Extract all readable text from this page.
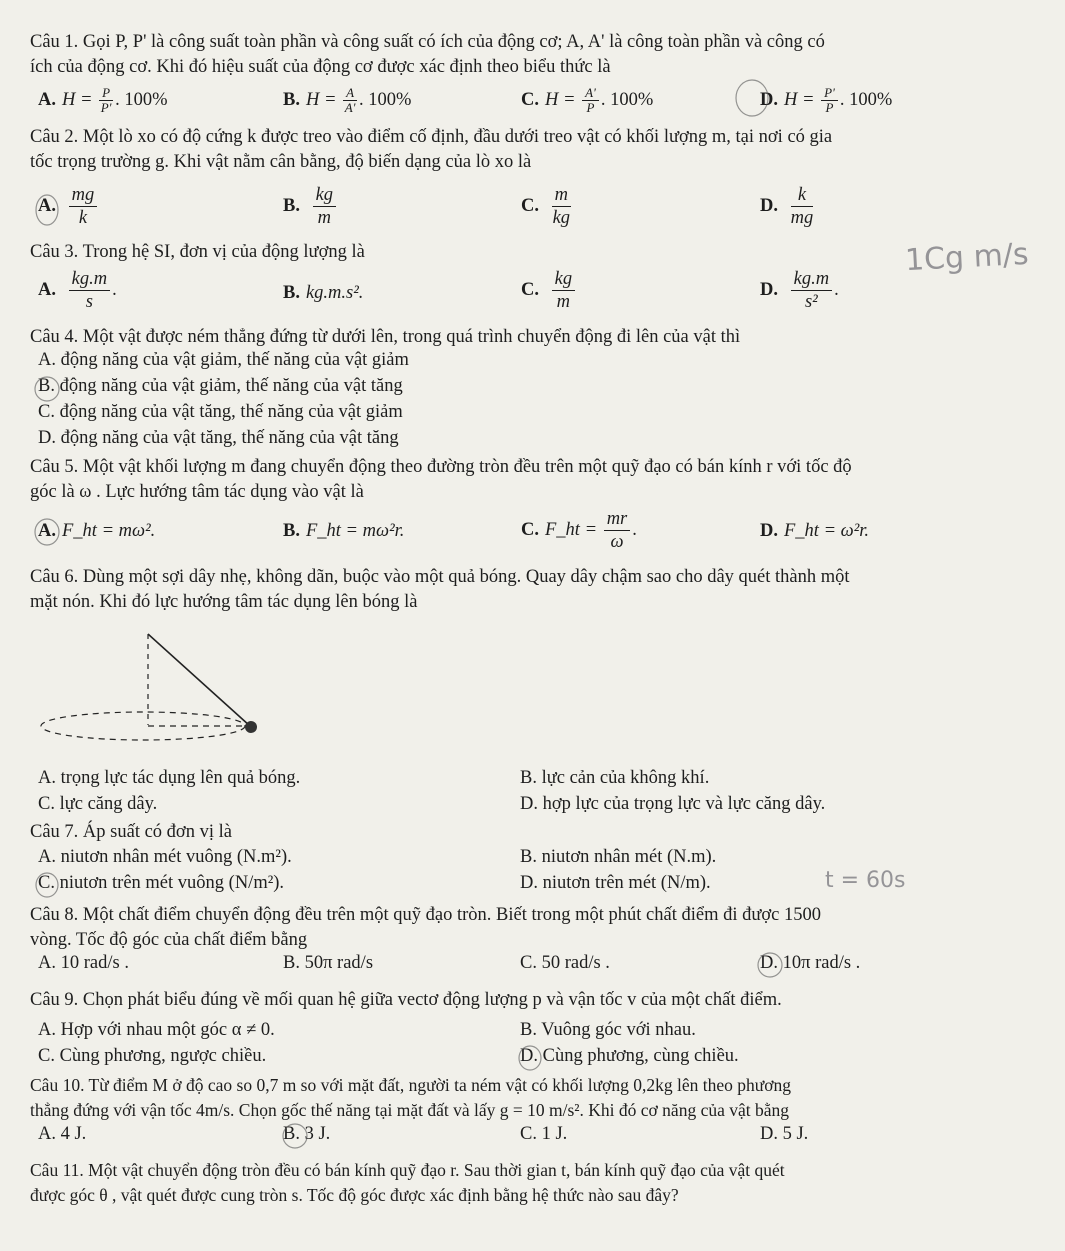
Câu 1. Gọi P, P' là công suất toàn phần và công suất có ích của động cơ; A, A' là công toàn phần và công có
ích của động cơ. Khi đó hiệu suất của động cơ được xác định theo biểu thức là
A. $H = \frac{P}{P'}$ . 100%	B. $H = \frac{A}{A'}$ . 100%	C. $H = \frac{A'}{P}$ . 100%	D. $H = \frac{P'}{P}$ . 100%
Câu 2. Một lò xo có độ cứng k được treo vào điểm cố định, đầu dưới treo vật có khối lượng m, tại nơi có gia
tốc trọng trường g. Khi vật nằm cân bằng, độ biến dạng của lò xo là
A. $\frac{mg}{k}$	B. $\frac{kg}{m}$	C. $\frac{m}{kg}$	D. $\frac{k}{mg}$
Câu 3. Trong hệ SI, đơn vị của động lượng là
A. $\frac{kg.m}{s}$ .	B. kg.m.s².	C. $\frac{kg}{m}$	D. $\frac{kg.m}{\text{s²}}$ .
Câu 4. Một vật được ném thẳng đứng từ dưới lên, trong quá trình chuyển động đi lên của vật thì
A. động năng của vật giảm, thế năng của vật giảm
B. động năng của vật giảm, thế năng của vật tăng
C. động năng của vật tăng, thế năng của vật giảm
D. động năng của vật tăng, thế năng của vật tăng
Câu 5. Một vật khối lượng m đang chuyển động theo đường tròn đều trên một quỹ đạo có bán kính r với tốc độ
góc là ω . Lực hướng tâm tác dụng vào vật là
A. F_ht = mω².	B. F_ht = mω²r.	C. F_ht = $\frac{mr}{\omega}$ .	D. F_ht = ω²r.
Câu 6. Dùng một sợi dây nhẹ, không dãn, buộc vào một quả bóng. Quay dây chậm sao cho dây quét thành một
mặt nón. Khi đó lực hướng tâm tác dụng lên bóng là
A. trọng lực tác dụng lên quả bóng.	B. lực cản của không khí.
C. lực căng dây.	D. hợp lực của trọng lực và lực căng dây.
Câu 7. Áp suất có đơn vị là
A. niutơn nhân mét vuông (N.m²).	B. niutơn nhân mét (N.m).
C. niutơn trên mét vuông (N/m²).	D. niutơn trên mét (N/m).
Câu 8. Một chất điểm chuyển động đều trên một quỹ đạo tròn. Biết trong một phút chất điểm đi được 1500
vòng. Tốc độ góc của chất điểm bằng
A. 10 rad/s .	B. 50π rad/s	C. 50 rad/s .	D. 10π rad/s .
Câu 9. Chọn phát biểu đúng về mối quan hệ giữa vectơ động lượng p và vận tốc v của một chất điểm.
A. Hợp với nhau một góc α ≠ 0.	B. Vuông góc với nhau.
C. Cùng phương, ngược chiều.	D. Cùng phương, cùng chiều.
Câu 10. Từ điểm M ở độ cao so 0,7 m so với mặt đất, người ta ném vật có khối lượng 0,2kg lên theo phương
thẳng đứng với vận tốc 4m/s. Chọn gốc thế năng tại mặt đất và lấy g = 10 m/s². Khi đó cơ năng của vật bằng
A. 4 J.	B. 3 J.	C. 1 J.	D. 5 J.
Câu 11. Một vật chuyển động tròn đều có bán kính quỹ đạo r. Sau thời gian t, bán kính quỹ đạo của vật quét
được góc θ , vật quét được cung tròn s. Tốc độ góc được xác định bằng hệ thức nào sau đây?
1Cg m/s
t = 60s
